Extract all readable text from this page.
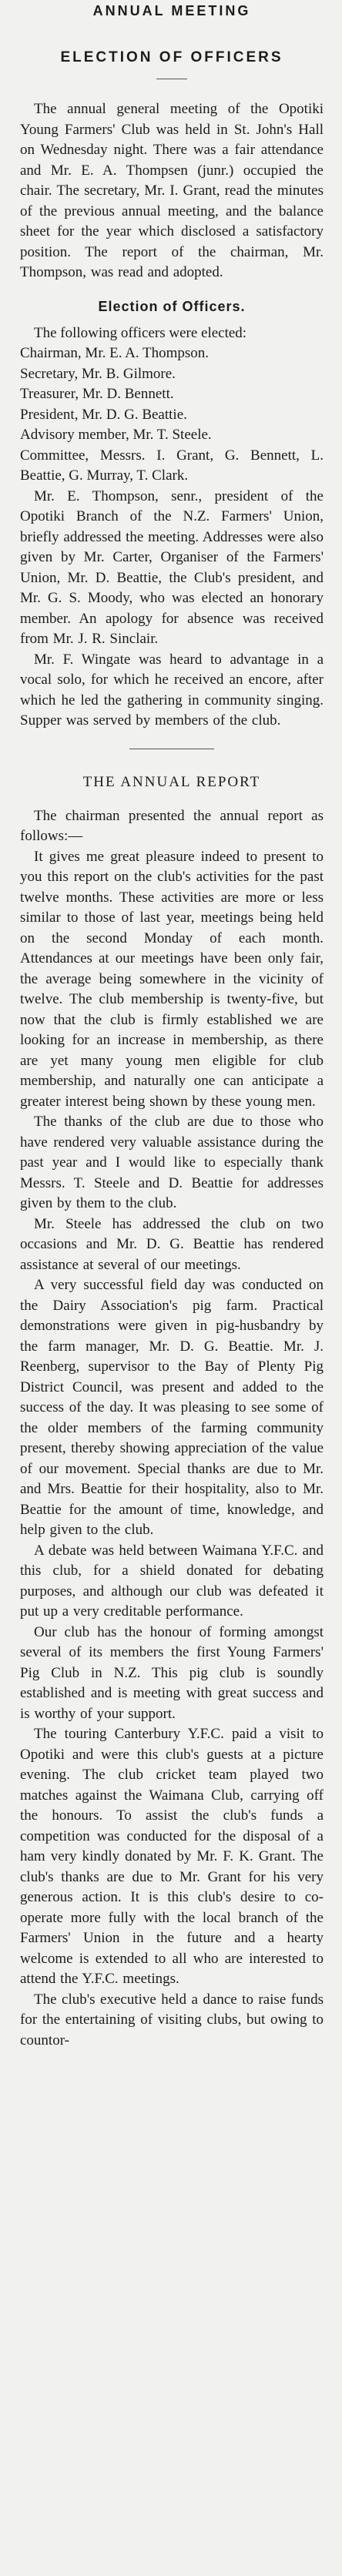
ANNUAL MEETING
ELECTION OF OFFICERS

The annual general meeting of the Opotiki Young Farmers' Club was held in St. John's Hall on Wednesday night. There was a fair attendance and Mr. E. A. Thompsen (junr.) occupied the chair. The secretary, Mr. I. Grant, read the minutes of the previous annual meeting, and the balance sheet for the year which disclosed a satisfactory position. The report of the chairman, Mr. Thompson, was read and adopted.

Election of Officers.
The following officers were elected:
Chairman, Mr. E. A. Thompson.
Secretary, Mr. B. Gilmore.
Treasurer, Mr. D. Bennett.
President, Mr. D. G. Beattie.
Advisory member, Mr. T. Steele.
Committee, Messrs. I. Grant, G. Bennett, L. Beattie, G. Murray, T. Clark.

Mr. E. Thompson, senr., president of the Opotiki Branch of the N.Z. Farmers' Union, briefly addressed the meeting. Addresses were also given by Mr. Carter, Organiser of the Farmers' Union, Mr. D. Beattie, the Club's president, and Mr. G. S. Moody, who was elected an honorary member. An apology for absence was received from Mr. J. R. Sinclair.

Mr. F. Wingate was heard to advantage in a vocal solo, for which he received an encore, after which he led the gathering in community singing. Supper was served by members of the club.

THE ANNUAL REPORT

The chairman presented the annual report as follows:—

It gives me great pleasure indeed to present to you this report on the club's activities for the past twelve months. These activities are more or less similar to those of last year, meetings being held on the second Monday of each month. Attendances at our meetings have been only fair, the average being somewhere in the vicinity of twelve. The club membership is twenty-five, but now that the club is firmly established we are looking for an increase in membership, as there are yet many young men eligible for club membership, and naturally one can anticipate a greater interest being shown by these young men.

The thanks of the club are due to those who have rendered very valuable assistance during the past year and I would like to especially thank Messrs. T. Steele and D. Beattie for addresses given by them to the club.

Mr. Steele has addressed the club on two occasions and Mr. D. G. Beattie has rendered assistance at several of our meetings.

A very successful field day was conducted on the Dairy Association's pig farm. Practical demonstrations were given in pig-husbandry by the farm manager, Mr. D. G. Beattie. Mr. J. Reenberg, supervisor to the Bay of Plenty Pig District Council, was present and added to the success of the day. It was pleasing to see some of the older members of the farming community present, thereby showing appreciation of the value of our movement. Special thanks are due to Mr. and Mrs. Beattie for their hospitality, also to Mr. Beattie for the amount of time, knowledge, and help given to the club.

A debate was held between Waimana Y.F.C. and this club, for a shield donated for debating purposes, and although our club was defeated it put up a very creditable performance.

Our club has the honour of forming amongst several of its members the first Young Farmers' Pig Club in N.Z. This pig club is soundly established and is meeting with great success and is worthy of your support.

The touring Canterbury Y.F.C. paid a visit to Opotiki and were this club's guests at a picture evening. The club cricket team played two matches against the Waimana Club, carrying off the honours. To assist the club's funds a competition was conducted for the disposal of a ham very kindly donated by Mr. F. K. Grant. The club's thanks are due to Mr. Grant for his very generous action. It is this club's desire to co-operate more fully with the local branch of the Farmers' Union in the future and a hearty welcome is extended to all who are interested to attend the Y.F.C. meetings.

The club's executive held a dance to raise funds for the entertaining of visiting clubs, but owing to countor-
